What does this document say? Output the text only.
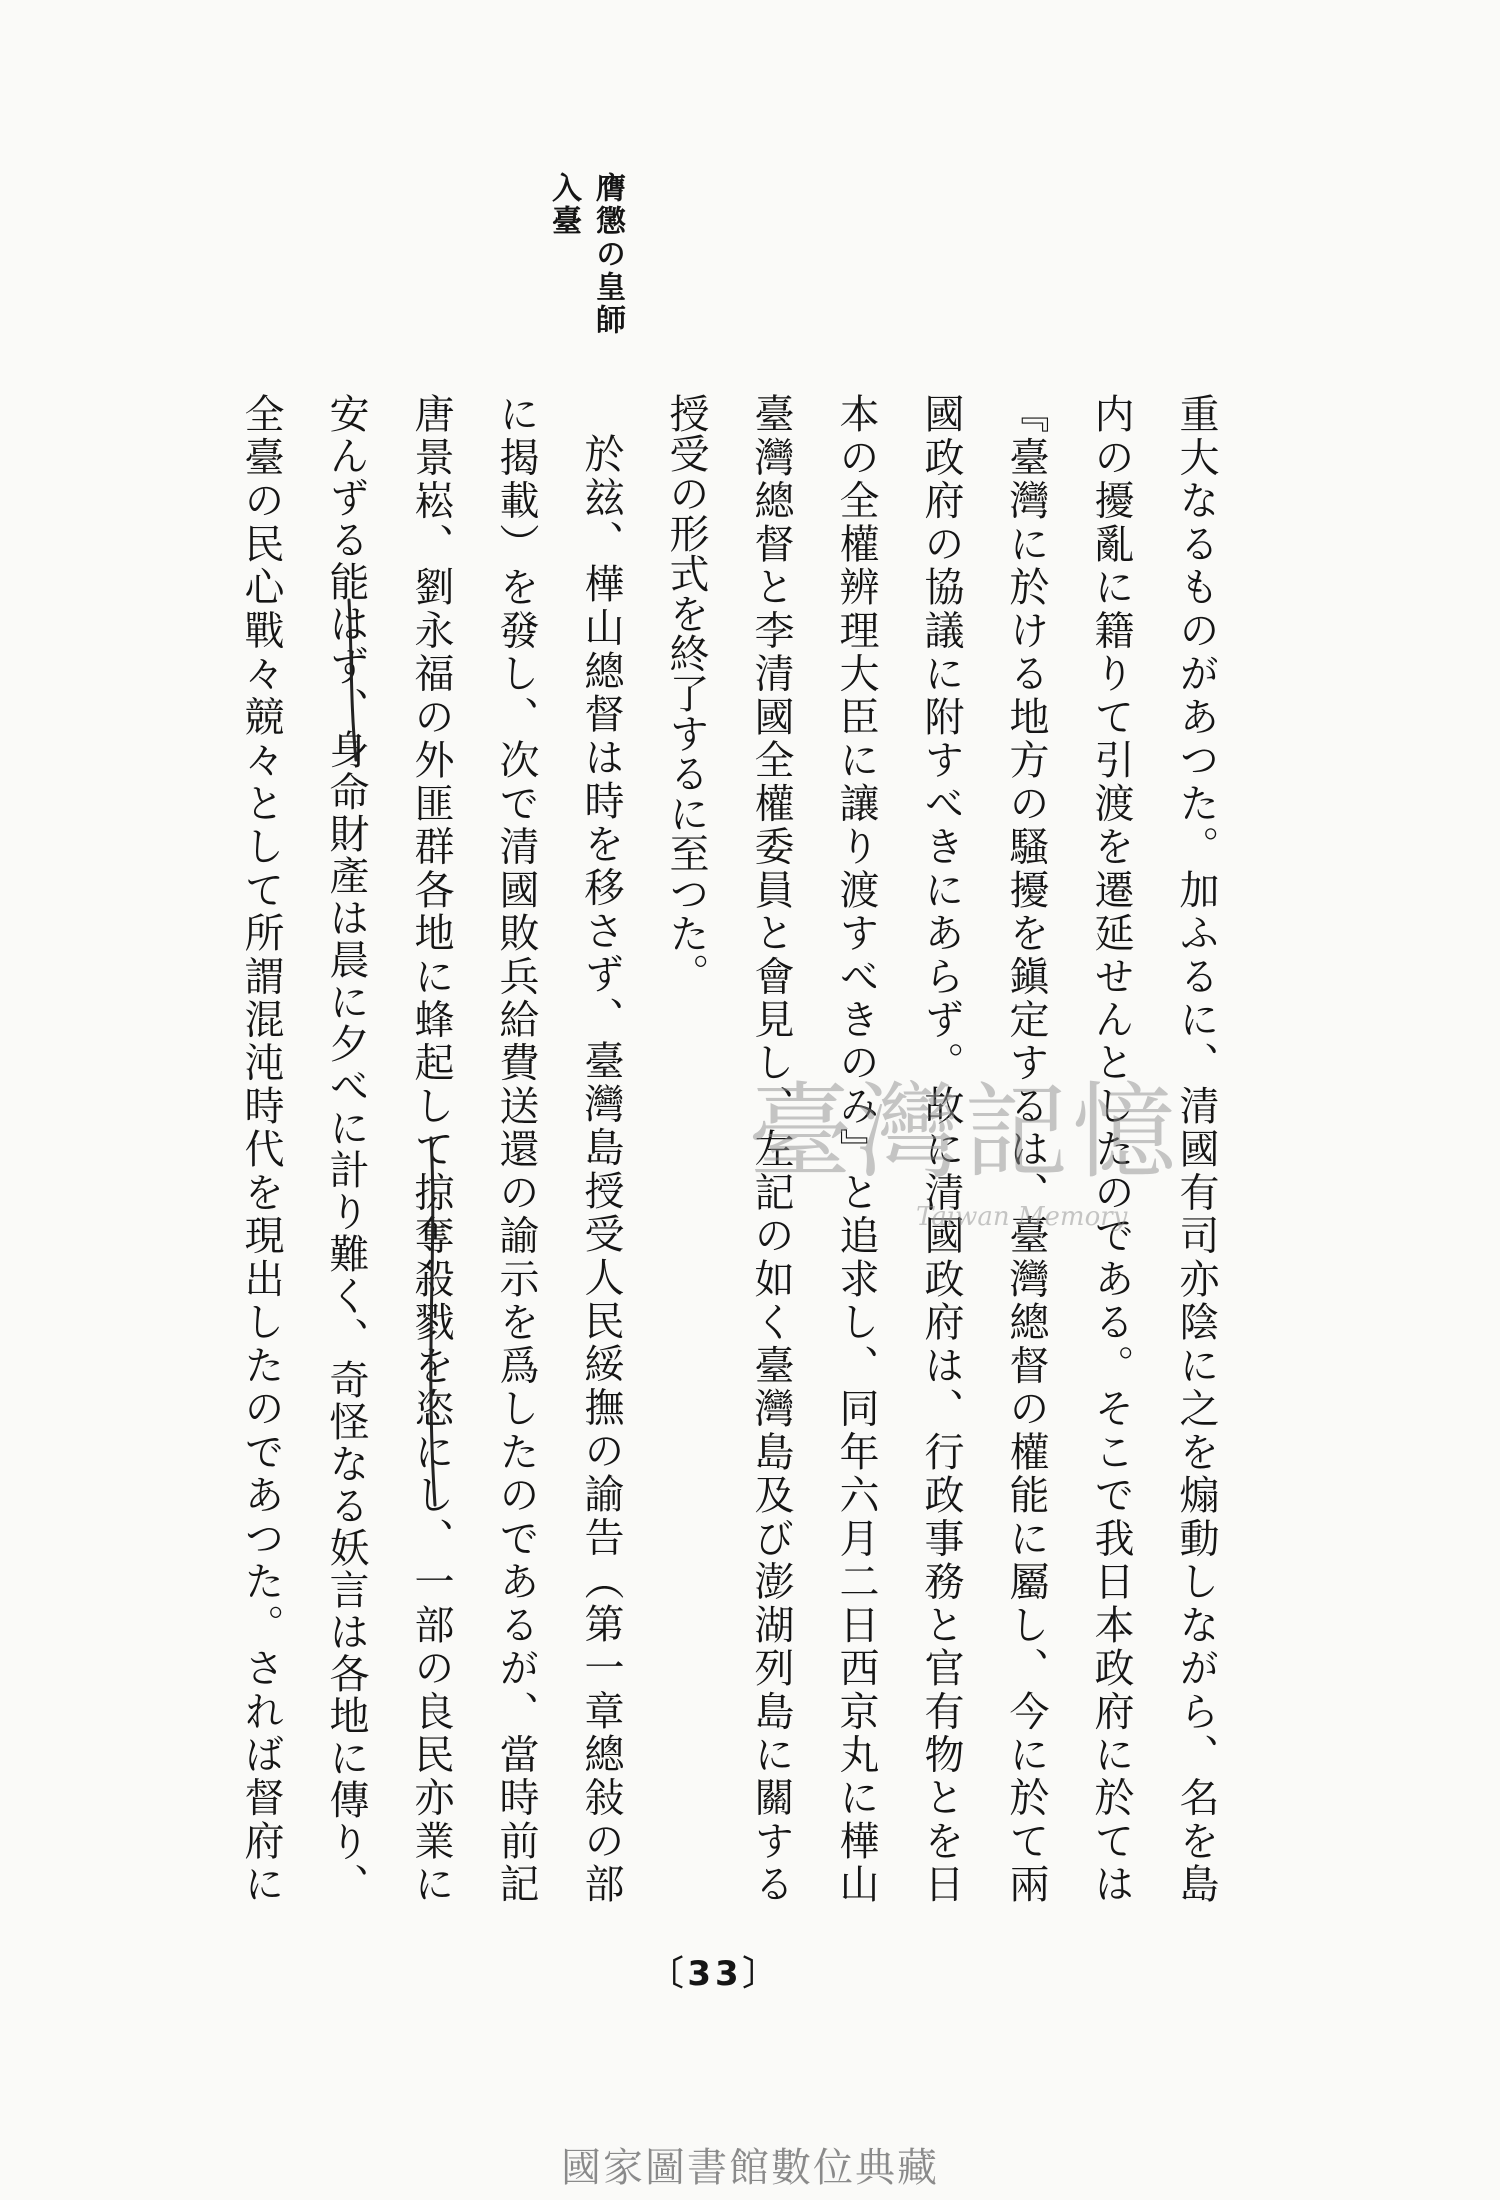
膺懲の皇師
入臺
重大なるものがあつた。加ふるに、清國有司亦陰に之を煽動しながら、名を島
内の擾亂に籍りて引渡を遷延せんとしたのである。そこで我日本政府に於ては
『臺灣に於ける地方の騷擾を鎭定するは、臺灣總督の權能に屬し、今に於て兩
國政府の協議に附すべきにあらず。故に清國政府は、行政事務と官有物とを日
本の全權辨理大臣に讓り渡すべきのみ』と追求し、同年六月二日西京丸に樺山
臺灣總督と李清國全權委員と會見し、左記の如く臺灣島及び澎湖列島に關する
授受の形式を終了するに至つた。
於玆、樺山總督は時を移さず、臺灣島授受人民綏撫の諭告（第一章總敍の部
に揭載）を發し、次で清國敗兵給費送還の諭示を爲したのであるが、當時前記
唐景崧、劉永福の外匪群各地に蜂起して掠奪殺戮を恣にし、一部の良民亦業に
安んずる能はず、身命財產は晨に夕べに計り難く、奇怪なる妖言は各地に傳り、
全臺の民心戰々競々として所謂混沌時代を現出したのであつた。されば督府に	臺灣記憶
Taiwan Memory
〔33〕
國家圖書館數位典藏
